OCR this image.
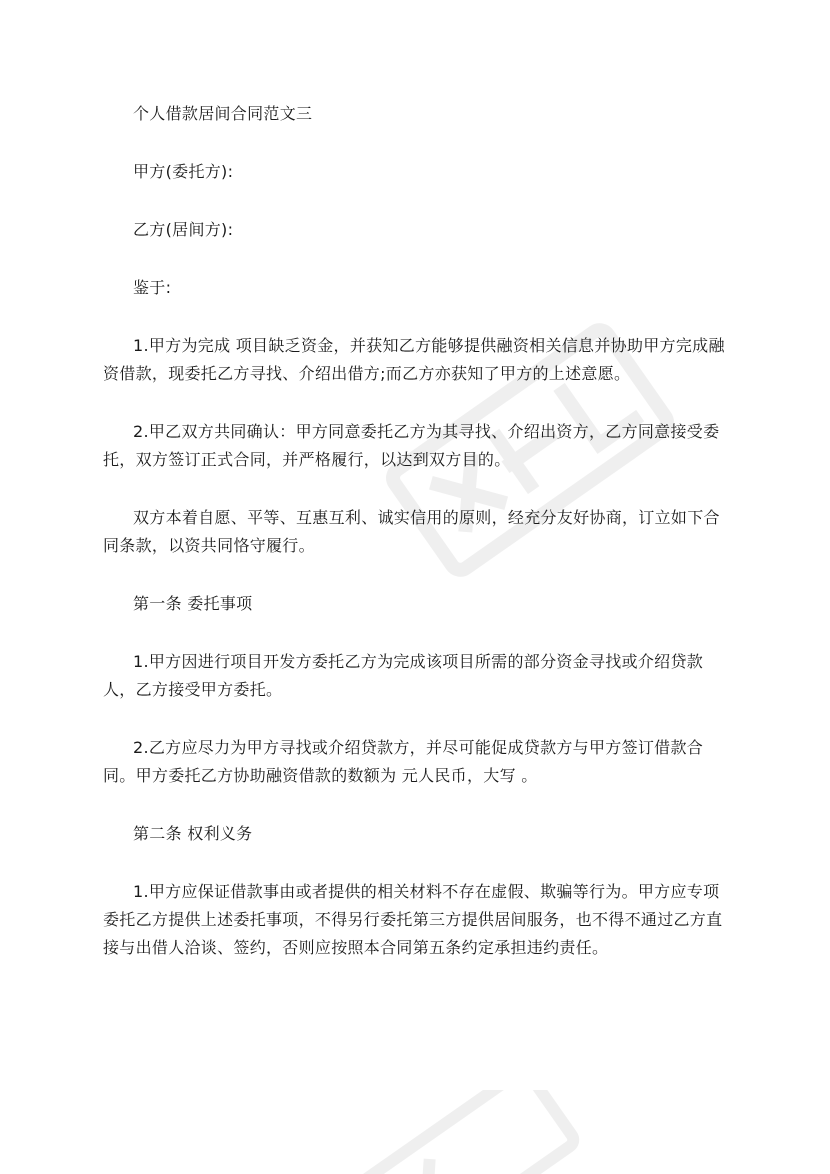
个人借款居间合同范文三

甲方(委托方):

乙方(居间方):

鉴于:

1.甲方为完成 项目缺乏资金，并获知乙方能够提供融资相关信息并协助甲方完成融资借款，现委托乙方寻找、介绍出借方;而乙方亦获知了甲方的上述意愿。

2.甲乙双方共同确认：甲方同意委托乙方为其寻找、介绍出资方，乙方同意接受委托，双方签订正式合同，并严格履行，以达到双方目的。

双方本着自愿、平等、互惠互利、诚实信用的原则，经充分友好协商，订立如下合同条款，以资共同恪守履行。

第一条 委托事项

1.甲方因进行项目开发方委托乙方为完成该项目所需的部分资金寻找或介绍贷款人，乙方接受甲方委托。

2.乙方应尽力为甲方寻找或介绍贷款方，并尽可能促成贷款方与甲方签订借款合同。甲方委托乙方协助融资借款的数额为 元人民币，大写 。

第二条 权利义务

1.甲方应保证借款事由或者提供的相关材料不存在虚假、欺骗等行为。甲方应专项委托乙方提供上述委托事项，不得另行委托第三方提供居间服务，也不得不通过乙方直接与出借人洽谈、签约，否则应按照本合同第五条约定承担违约责任。
